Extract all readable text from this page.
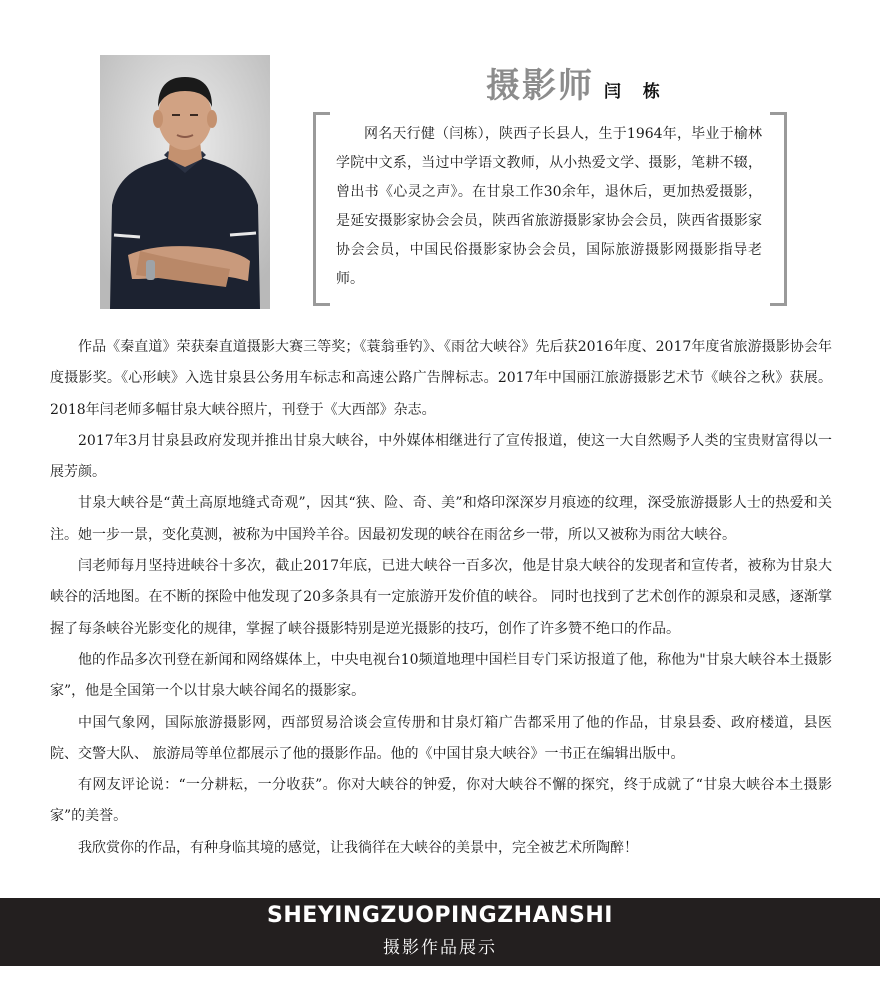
摄影师 闫 栋

网名天行健（闫栋），陕西子长县人，生于1964年，毕业于榆林学院中文系，当过中学语文教师，从小热爱文学、摄影，笔耕不辍，曾出书《心灵之声》。在甘泉工作30余年，退休后，更加热爱摄影，是延安摄影家协会会员，陕西省旅游摄影家协会会员，陕西省摄影家协会会员，中国民俗摄影家协会会员，国际旅游摄影网摄影指导老师。

作品《秦直道》荣获秦直道摄影大赛三等奖；《蓑翁垂钓》、《雨岔大峡谷》先后获2016年度、2017年度省旅游摄影协会年度摄影奖。《心形峡》入选甘泉县公务用车标志和高速公路广告牌标志。2017年中国丽江旅游摄影艺术节《峡谷之秋》获展。2018年闫老师多幅甘泉大峡谷照片，刊登于《大西部》杂志。

2017年3月甘泉县政府发现并推出甘泉大峡谷，中外媒体相继进行了宣传报道，使这一大自然赐予人类的宝贵财富得以一展芳颜。

甘泉大峡谷是“黄土高原地缝式奇观”，因其“狭、险、奇、美”和烙印深深岁月痕迹的纹理，深受旅游摄影人士的热爱和关注。她一步一景，变化莫测，被称为中国羚羊谷。因最初发现的峡谷在雨岔乡一带，所以又被称为雨岔大峡谷。

闫老师每月坚持进峡谷十多次，截止2017年底，已进大峡谷一百多次，他是甘泉大峡谷的发现者和宣传者，被称为甘泉大峡谷的活地图。在不断的探险中他发现了20多条具有一定旅游开发价值的峡谷。 同时也找到了艺术创作的源泉和灵感，逐渐掌握了每条峡谷光影变化的规律，掌握了峡谷摄影特别是逆光摄影的技巧，创作了许多赞不绝口的作品。

他的作品多次刊登在新闻和网络媒体上，中央电视台10频道地理中国栏目专门采访报道了他，称他为"甘泉大峡谷本土摄影家”，他是全国第一个以甘泉大峡谷闻名的摄影家。

中国气象网，国际旅游摄影网，西部贸易洽谈会宣传册和甘泉灯箱广告都采用了他的作品，甘泉县委、政府楼道，县医院、交警大队、 旅游局等单位都展示了他的摄影作品。他的《中国甘泉大峡谷》一书正在编辑出版中。

有网友评论说：“一分耕耘，一分收获”。你对大峡谷的钟爱，你对大峡谷不懈的探究，终于成就了“甘泉大峡谷本土摄影家”的美誉。

我欣赏你的作品，有种身临其境的感觉，让我徜徉在大峡谷的美景中，完全被艺术所陶醉！

SHEYINGZUOPINGZHANSHI
摄影作品展示
